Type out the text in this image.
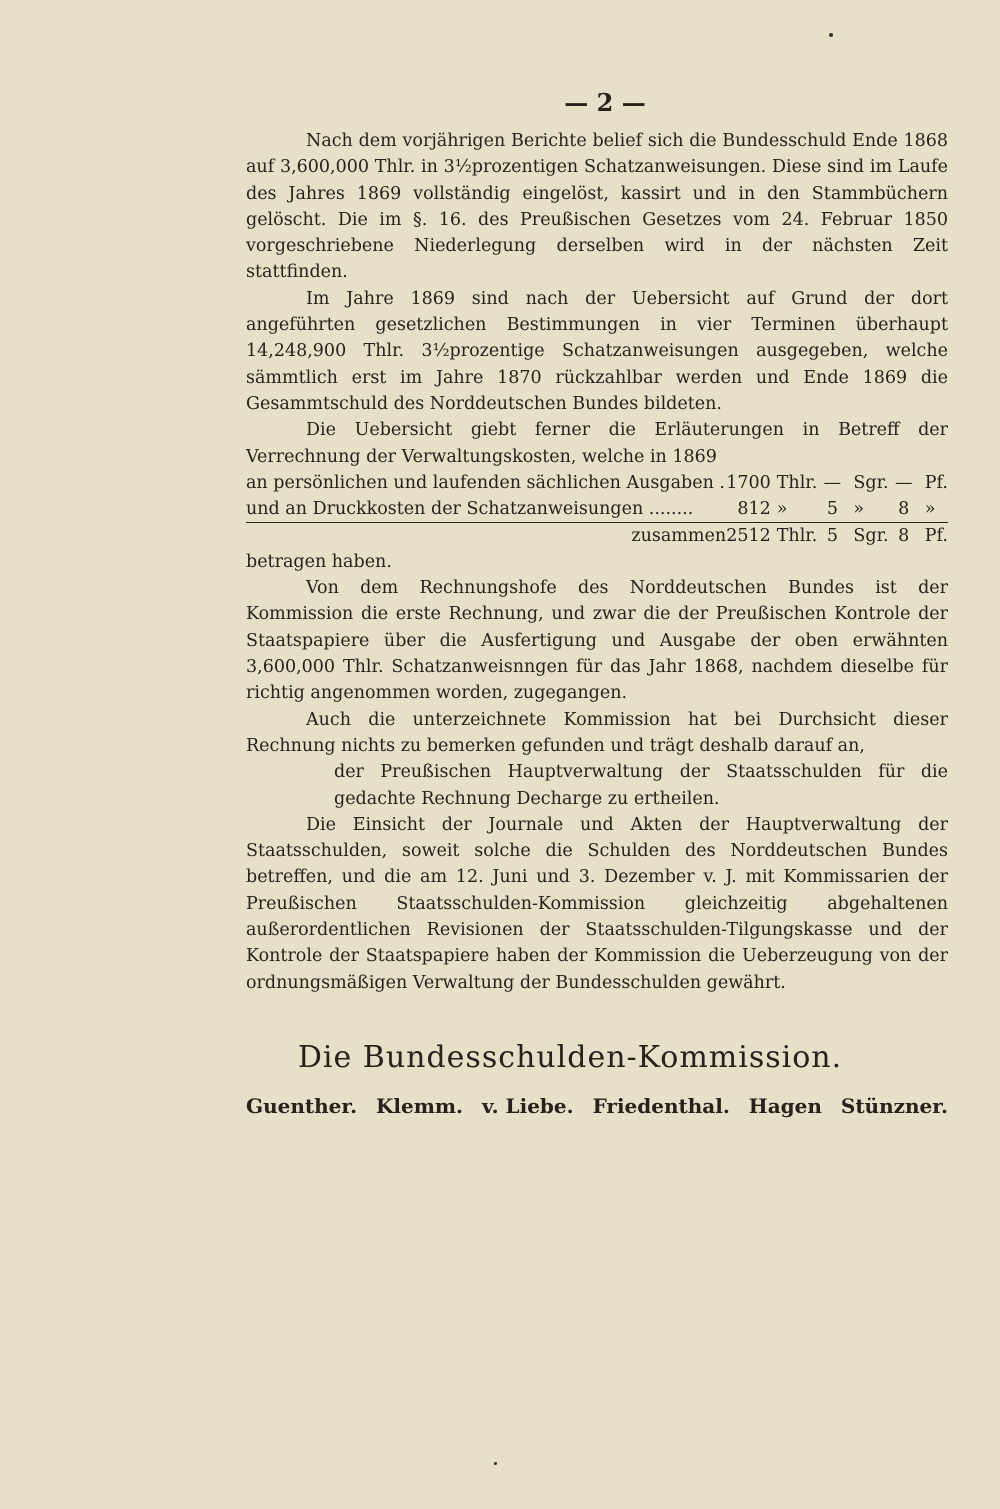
— 2 —

Nach dem vorjährigen Berichte belief sich die Bundesschuld Ende 1868 auf 3,600,000 Thlr. in 3½prozentigen Schatzanweisungen. Diese sind im Laufe des Jahres 1869 vollständig eingelöst, kassirt und in den Stammbüchern gelöscht. Die im §. 16. des Preußischen Gesetzes vom 24. Februar 1850 vorgeschriebene Niederlegung derselben wird in der nächsten Zeit stattfinden.

Im Jahre 1869 sind nach der Uebersicht auf Grund der dort angeführten gesetzlichen Bestimmungen in vier Terminen überhaupt 14,248,900 Thlr. 3½prozentige Schatzanweisungen ausgegeben, welche sämmtlich erst im Jahre 1870 rückzahlbar werden und Ende 1869 die Gesammtschuld des Norddeutschen Bundes bildeten.

Die Uebersicht giebt ferner die Erläuterungen in Betreff der Verrechnung der Verwaltungskosten, welche in 1869

an persönlichen und laufenden sächlichen Ausgaben .	1700	Thlr.	—	Sgr.	—	Pf.
und an Druckkosten der Schatzanweisungen ........	812	»	5	»	8	»
zusammen	2512	Thlr.	5	Sgr.	8	Pf.

betragen haben.

Von dem Rechnungshofe des Norddeutschen Bundes ist der Kommission die erste Rechnung, und zwar die der Preußischen Kontrole der Staatspapiere über die Ausfertigung und Ausgabe der oben erwähnten 3,600,000 Thlr. Schatzanweisnngen für das Jahr 1868, nachdem dieselbe für richtig angenommen worden, zugegangen.

Auch die unterzeichnete Kommission hat bei Durchsicht dieser Rechnung nichts zu bemerken gefunden und trägt deshalb darauf an,

der Preußischen Hauptverwaltung der Staatsschulden für die gedachte Rechnung Decharge zu ertheilen.

Die Einsicht der Journale und Akten der Hauptverwaltung der Staatsschulden, soweit solche die Schulden des Norddeutschen Bundes betreffen, und die am 12. Juni und 3. Dezember v. J. mit Kommissarien der Preußischen Staatsschulden-Kommission gleichzeitig abgehaltenen außerordentlichen Revisionen der Staatsschulden-Tilgungskasse und der Kontrole der Staatspapiere haben der Kommission die Ueberzeugung von der ordnungsmäßigen Verwaltung der Bundesschulden gewährt.

Die Bundesschulden-Kommission.
Guenther. Klemm. v. Liebe. Friedenthal. Hagen Stünzner.
